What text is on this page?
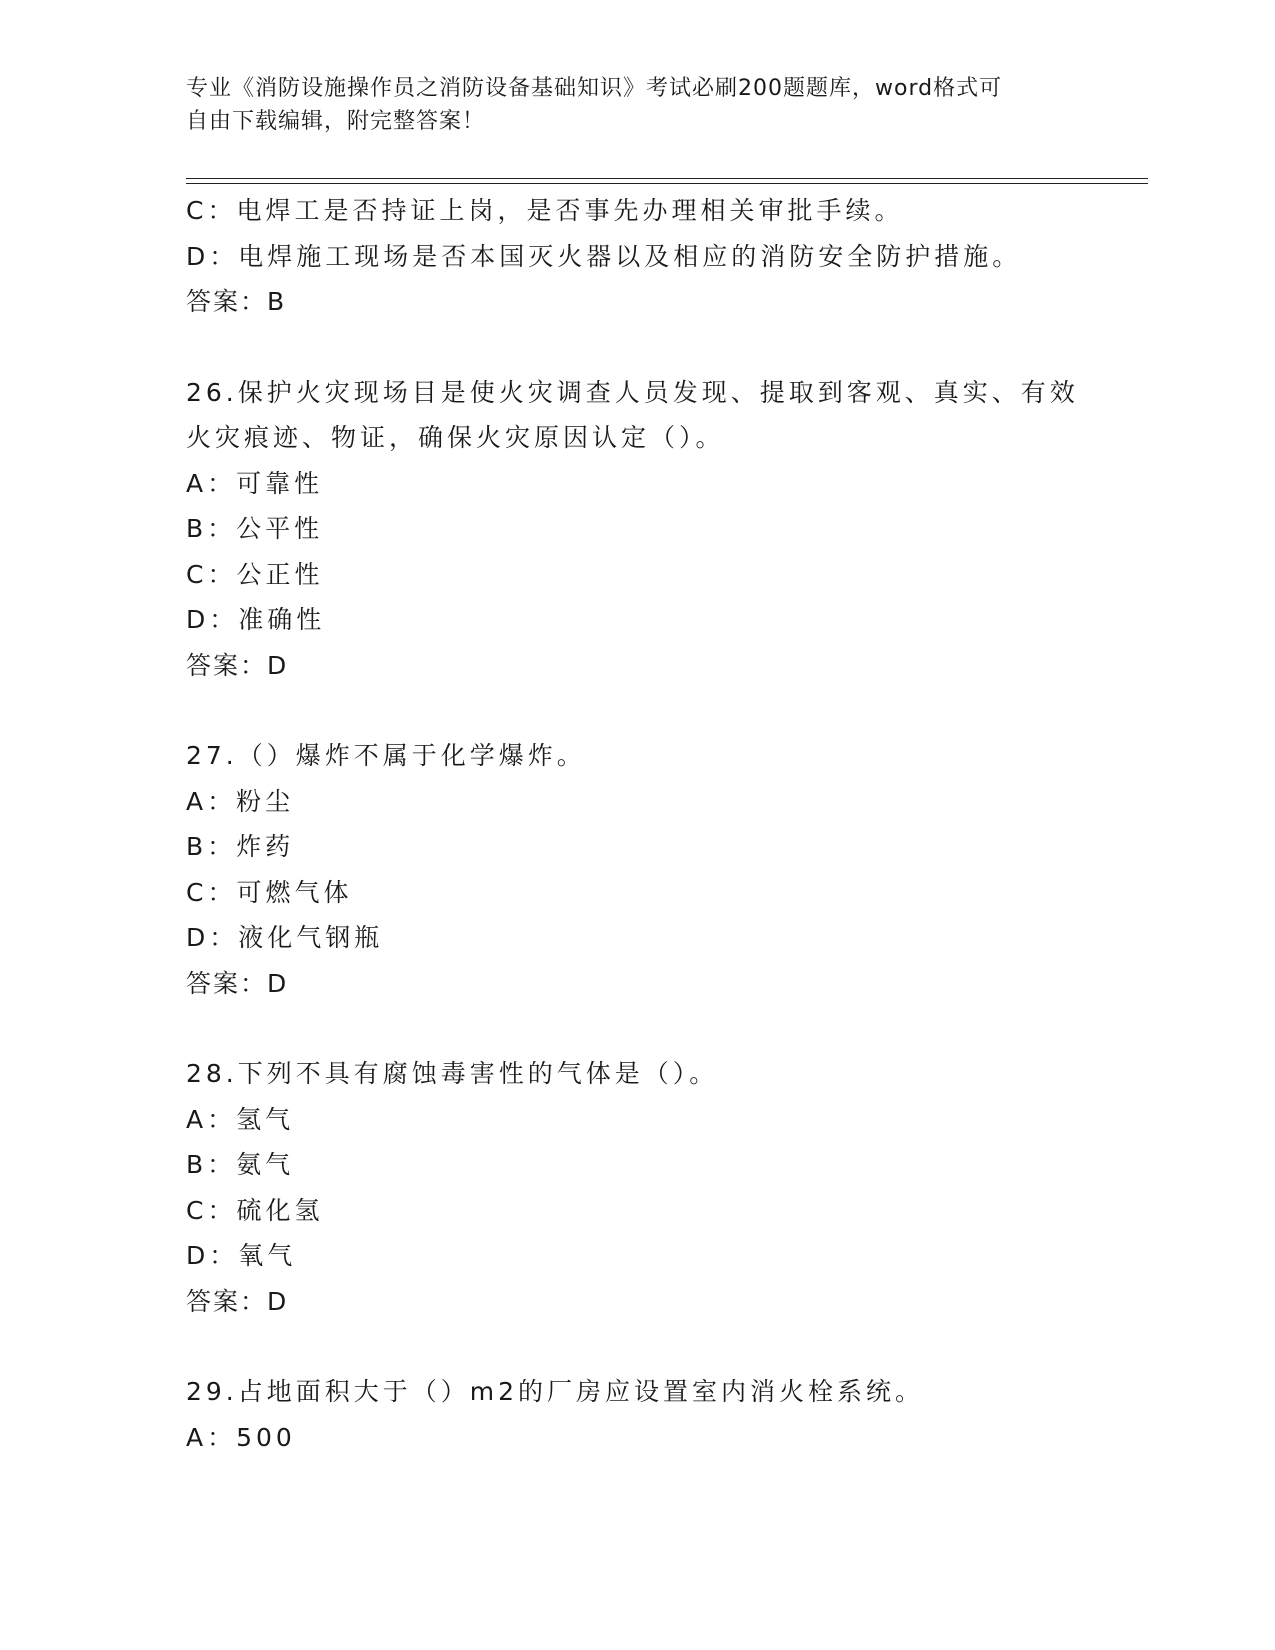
专业《消防设施操作员之消防设备基础知识》考试必刷200题题库，word格式可
自由下载编辑，附完整答案！
C：电焊工是否持证上岗，是否事先办理相关审批手续。
D：电焊施工现场是否本国灭火器以及相应的消防安全防护措施。
答案：B
26.保护火灾现场目是使火灾调查人员发现、提取到客观、真实、有效
火灾痕迹、物证，确保火灾原因认定（）。
A：可靠性
B：公平性
C：公正性
D：准确性
答案：D
27.（）爆炸不属于化学爆炸。
A：粉尘
B：炸药
C：可燃气体
D：液化气钢瓶
答案：D
28.下列不具有腐蚀毒害性的气体是（）。
A：氢气
B：氨气
C：硫化氢
D：氧气
答案：D
29.占地面积大于（）m2的厂房应设置室内消火栓系统。
A：500
